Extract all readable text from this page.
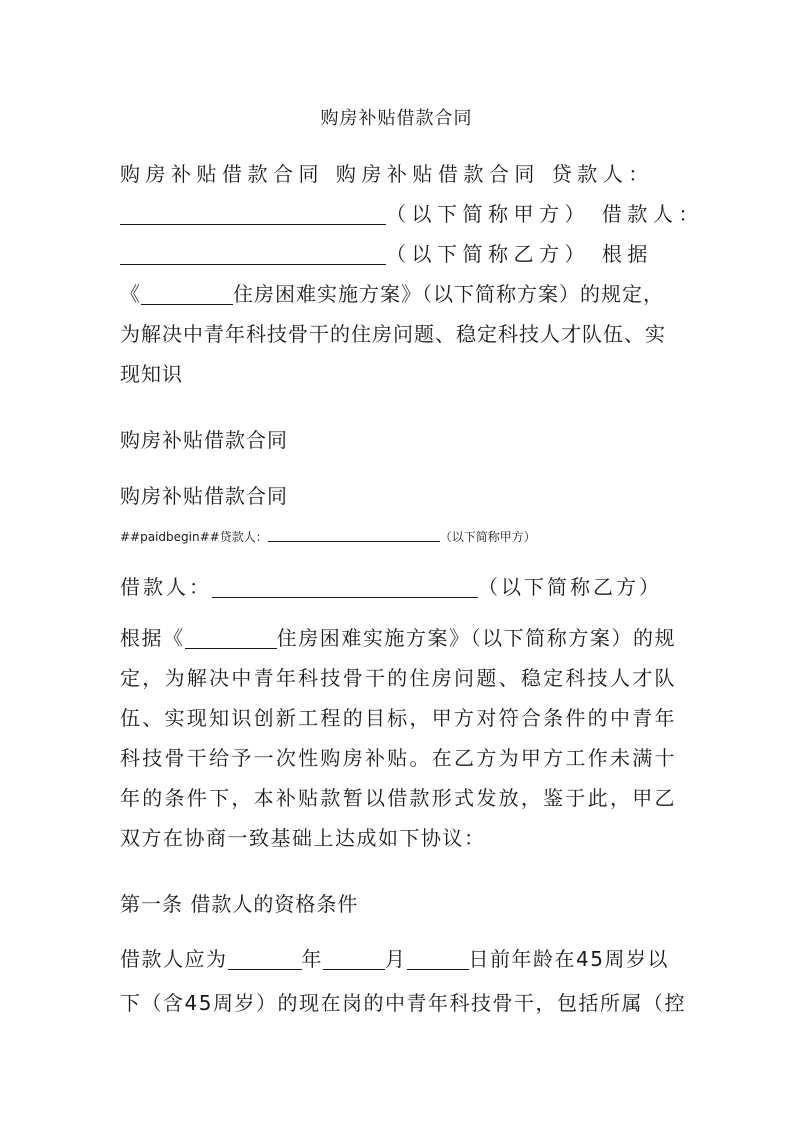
购房补贴借款合同
购房补贴借款合同 购房补贴借款合同 贷款人：
（以下简称甲方） 借款人：
（以下简称乙方） 根据
《	住房困难实施方案》（以下简称方案）的规定，
为解决中青年科技骨干的住房问题、稳定科技人才队伍、实
现知识
购房补贴借款合同
购房补贴借款合同
##paidbegin##贷款人：	（以下简称甲方）
借款人：	（以下简称乙方）
根据《	住房困难实施方案》（以下简称方案）的规定，为解决中青年科技骨干的住房问题、稳定科技人才队伍、实现知识创新工程的目标，甲方对符合条件的中青年科技骨干给予一次性购房补贴。在乙方为甲方工作未满十年的条件下，本补贴款暂以借款形式发放，鉴于此，甲乙双方在协商一致基础上达成如下协议：
第一条 借款人的资格条件
借款人应为	年	月	日前年龄在45周岁以
下（含45周岁）的现在岗的中青年科技骨干，包括所属（控
